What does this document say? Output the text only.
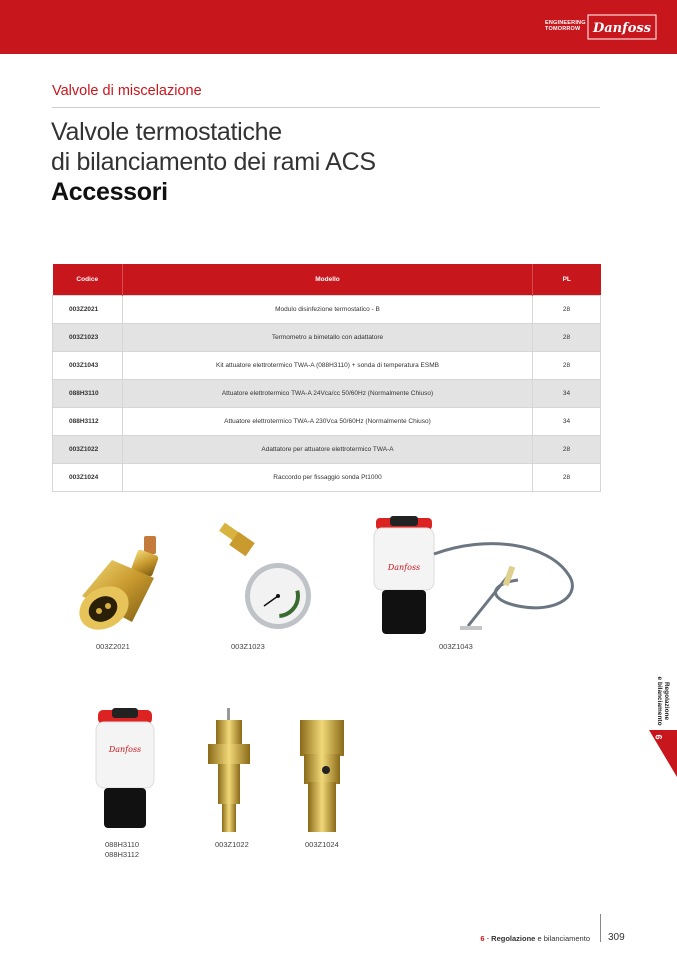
ENGINEERING
TOMORROW Danfoss
Valvole di miscelazione
Valvole termostatiche
di bilanciamento dei rami ACS
Accessori
Codice	Modello	PL
003Z2021	Modulo disinfezione termostatico - B	28
003Z1023	Termometro a bimetallo con adattatore	28
003Z1043	Kit attuatore elettrotermico TWA-A (088H3110) + sonda di temperatura ESMB	28
088H3110	Attuatore elettrotermico TWA-A 24Vca/cc 50/60Hz (Normalmente Chiuso)	34
088H3112	Attuatore elettrotermico TWA-A 230Vca 50/60Hz (Normalmente Chiuso)	34
003Z1022	Adattatore per attuatore elettrotermico TWA-A	28
003Z1024	Raccordo per fissaggio sonda Pt1000	28
Danfoss
Danfoss
003Z2021	003Z1023	003Z1043
088H3110
088H3112
003Z1022	003Z1024
Regolazione
e bilanciamento
6
6 - Regolazione e bilanciamento 309
